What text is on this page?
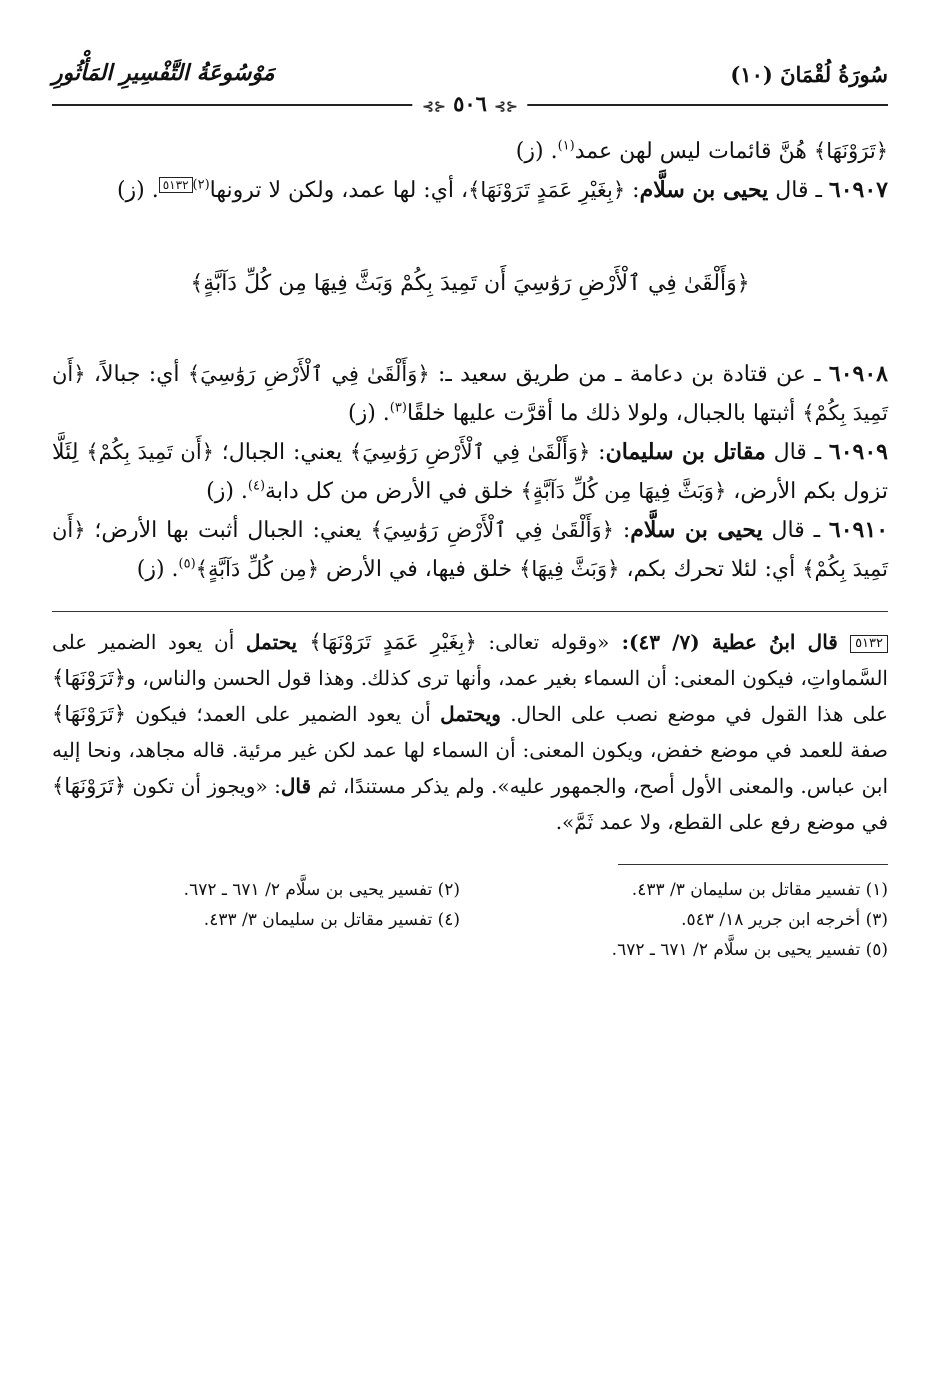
سُورَةُ لُقْمَانَ (١٠)
⊰⊱ ٥٠٦ ⊰⊱
مَوْسُوعَةُ التَّفْسِيرِ المَأْثُورِ

﴿تَرَوْنَهَا﴾ هُنَّ قائمات ليس لهن عمد$^{(١)}$. (ز)

٦٠٩٠٧ ـ قال يحيى بن سلَّام: ﴿بِغَيْرِ عَمَدٍ تَرَوْنَهَا﴾، أي: لها عمد، ولكن لا ترونها$^{(٢)}$٥١٣٢. (ز)

﴿وَأَلْقَىٰ فِي ٱلْأَرْضِ رَوَٰسِيَ أَن تَمِيدَ بِكُمْ وَبَثَّ فِيهَا مِن كُلِّ دَآبَّةٍ﴾

٦٠٩٠٨ ـ عن قتادة بن دعامة ـ من طريق سعيد ـ: ﴿وَأَلْقَىٰ فِي ٱلْأَرْضِ رَوَٰسِيَ﴾ أي: جبالاً، ﴿أَن تَمِيدَ بِكُمْ﴾ أثبتها بالجبال، ولولا ذلك ما أقرَّت عليها خلقًا$^{(٣)}$. (ز)

٦٠٩٠٩ ـ قال مقاتل بن سليمان: ﴿وَأَلْقَىٰ فِي ٱلْأَرْضِ رَوَٰسِيَ﴾ يعني: الجبال؛ ﴿أَن تَمِيدَ بِكُمْ﴾ لِئَلَّا تزول بكم الأرض، ﴿وَبَثَّ فِيهَا مِن كُلِّ دَآبَّةٍ﴾ خلق في الأرض من كل دابة$^{(٤)}$. (ز)

٦٠٩١٠ ـ قال يحيى بن سلَّام: ﴿وَأَلْقَىٰ فِي ٱلْأَرْضِ رَوَٰسِيَ﴾ يعني: الجبال أثبت بها الأرض؛ ﴿أَن تَمِيدَ بِكُمْ﴾ أي: لئلا تحرك بكم، ﴿وَبَثَّ فِيهَا﴾ خلق فيها، في الأرض ﴿مِن كُلِّ دَآبَّةٍ﴾$^{(٥)}$. (ز)

٥١٣٢ قال ابنُ عطية (٧/ ٤٣): «وقوله تعالى: ﴿بِغَيْرِ عَمَدٍ تَرَوْنَهَا﴾ يحتمل أن يعود الضمير على السَّماواتِ، فيكون المعنى: أن السماء بغير عمد، وأنها ترى كذلك. وهذا قول الحسن والناس، و﴿تَرَوْنَهَا﴾ على هذا القول في موضع نصب على الحال. ويحتمل أن يعود الضمير على العمد؛ فيكون ﴿تَرَوْنَهَا﴾ صفة للعمد في موضع خفض، ويكون المعنى: أن السماء لها عمد لكن غير مرئية. قاله مجاهد، ونحا إليه ابن عباس. والمعنى الأول أصح، والجمهور عليه». ولم يذكر مستندًا، ثم قال: «ويجوز أن تكون ﴿تَرَوْنَهَا﴾ في موضع رفع على القطع، ولا عمد ثَمَّ».
(١) تفسير مقاتل بن سليمان ٣/ ٤٣٣.
(٢) تفسير يحيى بن سلَّام ٢/ ٦٧١ ـ ٦٧٢.
(٣) أخرجه ابن جرير ١٨/ ٥٤٣.
(٤) تفسير مقاتل بن سليمان ٣/ ٤٣٣.
(٥) تفسير يحيى بن سلَّام ٢/ ٦٧١ ـ ٦٧٢.
